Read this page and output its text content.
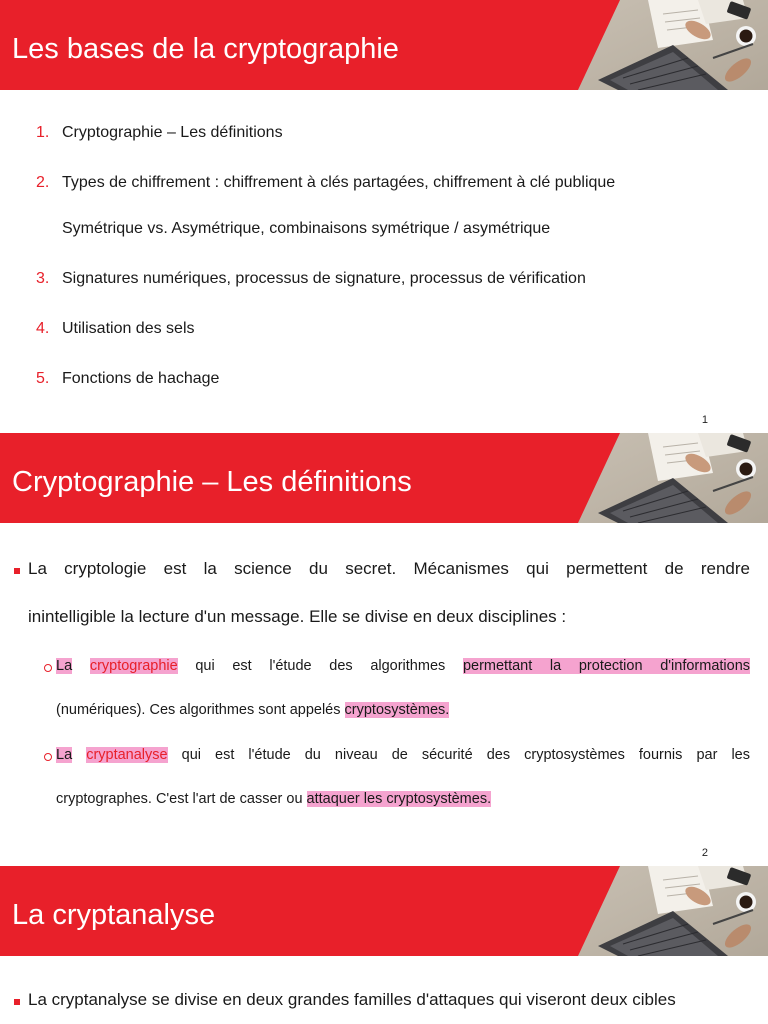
Les bases de la cryptographie
1. Cryptographie – Les définitions
2. Types de chiffrement : chiffrement à clés partagées, chiffrement à clé publique
Symétrique vs. Asymétrique, combinaisons symétrique / asymétrique
3. Signatures numériques, processus de signature, processus de vérification
4. Utilisation des sels
5. Fonctions de hachage
1
Cryptographie – Les définitions
La cryptologie est la science du secret. Mécanismes qui permettent de rendre
inintelligible la lecture d'un message. Elle se divise en deux disciplines :
La cryptographie qui est l'étude des algorithmes permettant la protection d'informations
(numériques). Ces algorithmes sont appelés cryptosystèmes.
La cryptanalyse qui est l'étude du niveau de sécurité des cryptosystèmes fournis par les
cryptographes. C'est l'art de casser ou attaquer les cryptosystèmes.
2
La cryptanalyse
La cryptanalyse se divise en deux grandes familles d'attaques qui viseront deux cibles
